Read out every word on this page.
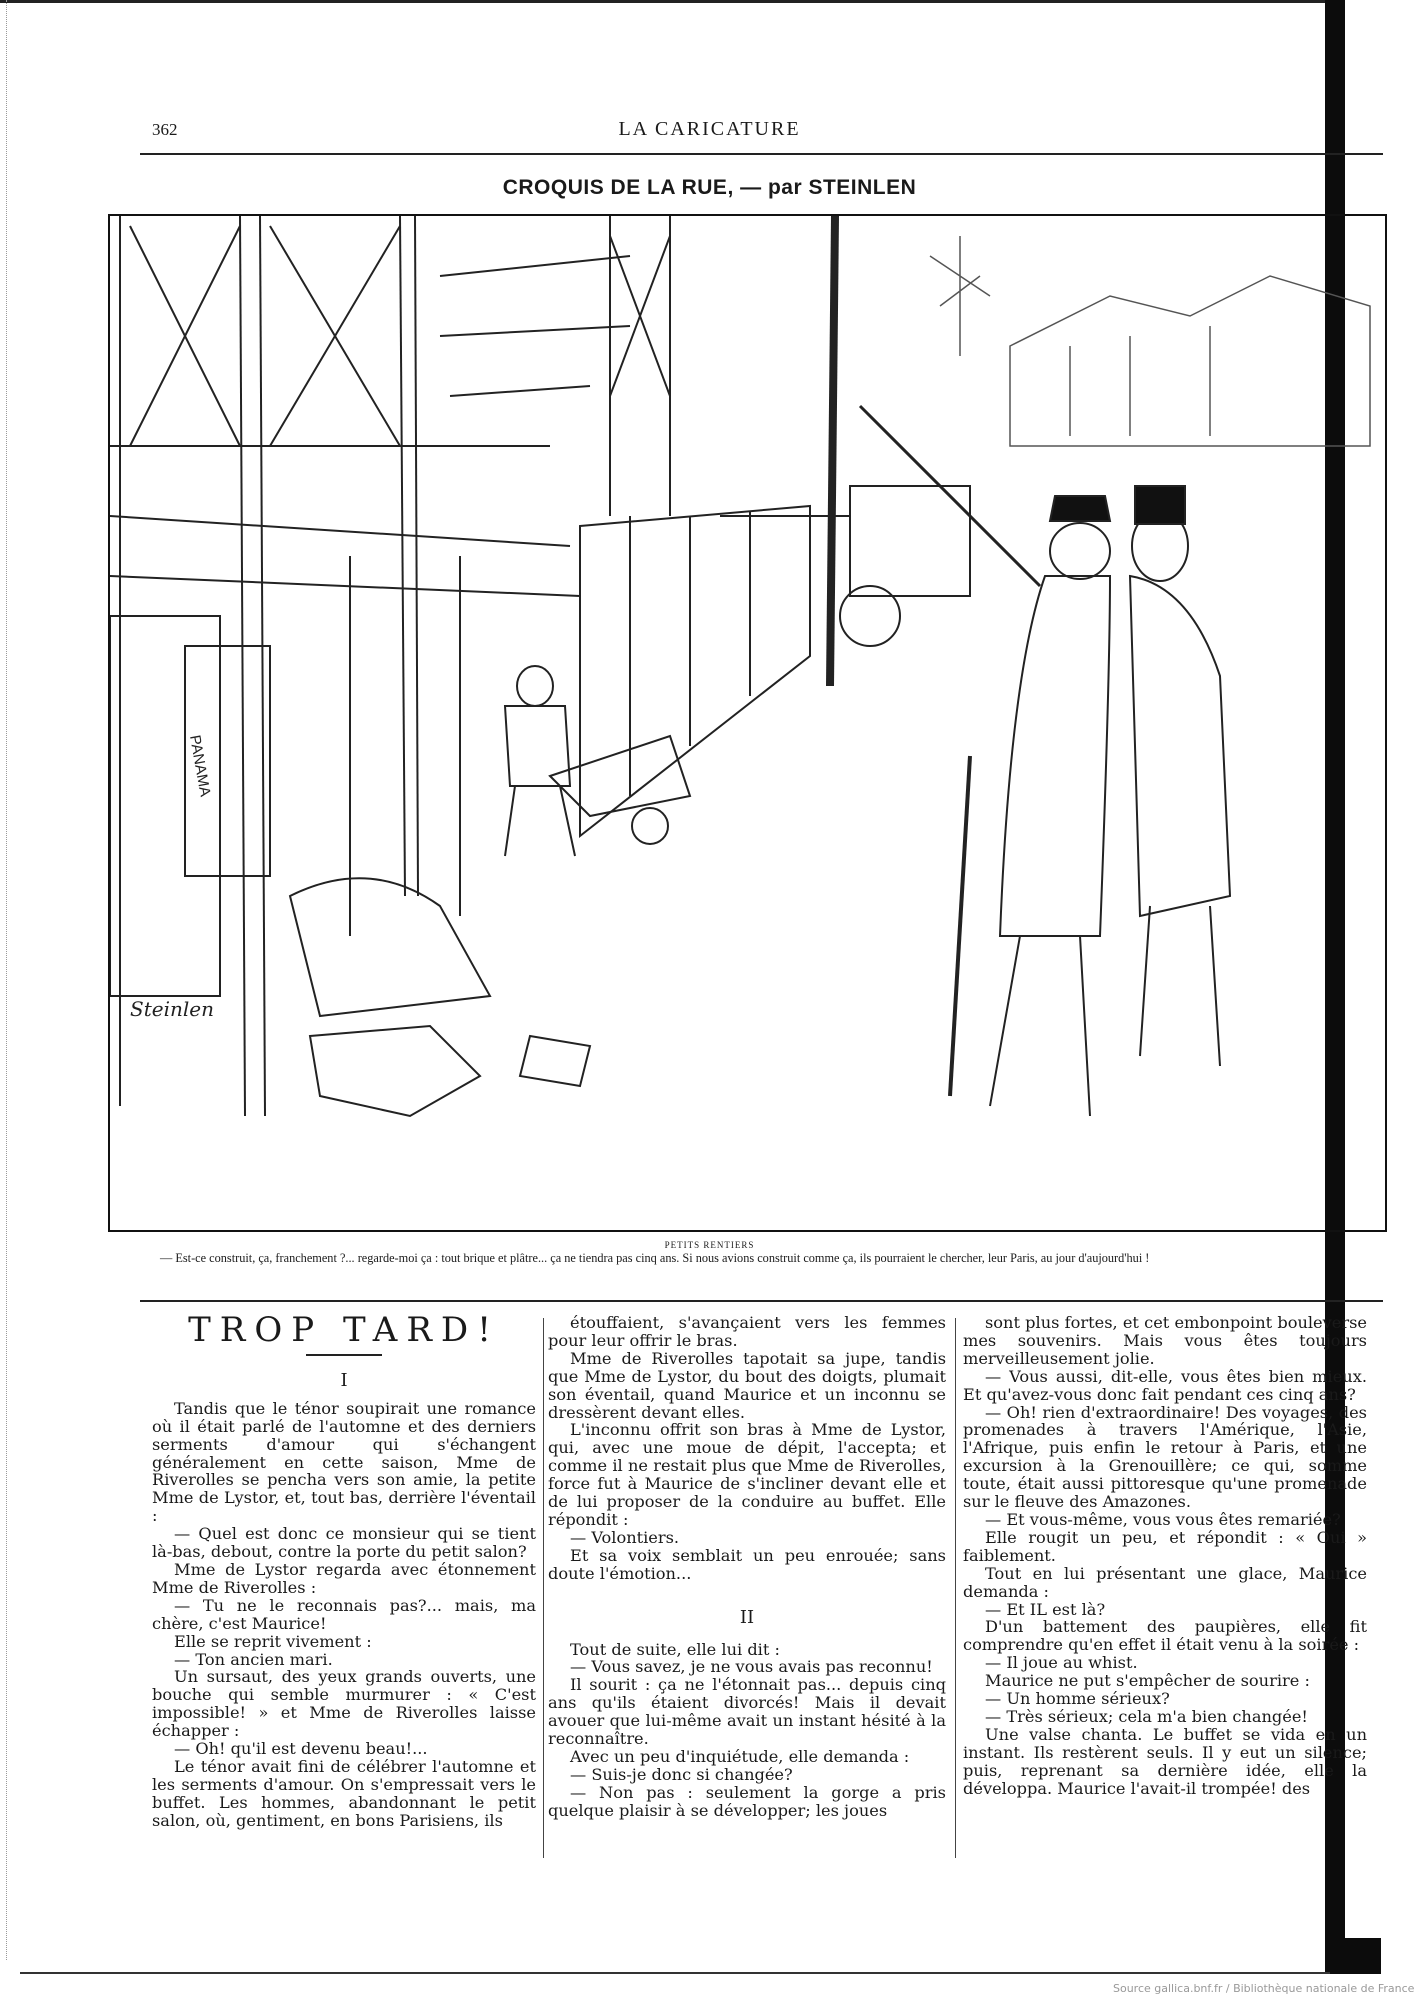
362	LA CARICATURE
CROQUIS DE LA RUE, — par STEINLEN
Steinlen
PANAMA
PETITS RENTIERS
— Est-ce construit, ça, franchement ?... regarde-moi ça : tout brique et plâtre... ça ne tiendra pas cinq ans. Si nous avions construit comme ça, ils pourraient le chercher, leur Paris, au jour d'aujourd'hui !
TROP TARD!
I

Tandis que le ténor soupirait une romance où il était parlé de l'automne et des derniers serments d'amour qui s'échangent généralement en cette saison, Mme de Riverolles se pencha vers son amie, la petite Mme de Lystor, et, tout bas, derrière l'éventail :

— Quel est donc ce monsieur qui se tient là-bas, debout, contre la porte du petit salon?

Mme de Lystor regarda avec étonnement Mme de Riverolles :

— Tu ne le reconnais pas?... mais, ma chère, c'est Maurice!

Elle se reprit vivement :

— Ton ancien mari.

Un sursaut, des yeux grands ouverts, une bouche qui semble murmurer : « C'est impossible! » et Mme de Riverolles laisse échapper :

— Oh! qu'il est devenu beau!...

Le ténor avait fini de célébrer l'automne et les serments d'amour. On s'empressait vers le buffet. Les hommes, abandonnant le petit salon, où, gentiment, en bons Parisiens, ils

étouffaient, s'avançaient vers les femmes pour leur offrir le bras.

Mme de Riverolles tapotait sa jupe, tandis que Mme de Lystor, du bout des doigts, plumait son éventail, quand Maurice et un inconnu se dressèrent devant elles.

L'inconnu offrit son bras à Mme de Lystor, qui, avec une moue de dépit, l'accepta; et comme il ne restait plus que Mme de Riverolles, force fut à Maurice de s'incliner devant elle et de lui proposer de la conduire au buffet. Elle répondit :

— Volontiers.

Et sa voix semblait un peu enrouée; sans doute l'émotion...

II

Tout de suite, elle lui dit :

— Vous savez, je ne vous avais pas reconnu!

Il sourit : ça ne l'étonnait pas... depuis cinq ans qu'ils étaient divorcés! Mais il devait avouer que lui-même avait un instant hésité à la reconnaître.

Avec un peu d'inquiétude, elle demanda :

— Suis-je donc si changée?

— Non pas : seulement la gorge a pris quelque plaisir à se développer; les joues

sont plus fortes, et cet embonpoint bouleverse mes souvenirs. Mais vous êtes toujours merveilleusement jolie.

— Vous aussi, dit-elle, vous êtes bien mieux. Et qu'avez-vous donc fait pendant ces cinq ans?

— Oh! rien d'extraordinaire! Des voyages, des promenades à travers l'Amérique, l'Asie, l'Afrique, puis enfin le retour à Paris, et une excursion à la Grenouillère; ce qui, somme toute, était aussi pittoresque qu'une promenade sur le fleuve des Amazones.

— Et vous-même, vous vous êtes remariée?

Elle rougit un peu, et répondit : « Oui » faiblement.

Tout en lui présentant une glace, Maurice demanda :

— Et IL est là?

D'un battement des paupières, elle fit comprendre qu'en effet il était venu à la soirée :

— Il joue au whist.

Maurice ne put s'empêcher de sourire :

— Un homme sérieux?

— Très sérieux; cela m'a bien changée!

Une valse chanta. Le buffet se vida en un instant. Ils restèrent seuls. Il y eut un silence; puis, reprenant sa dernière idée, elle la développa. Maurice l'avait-il trompée! des

Source gallica.bnf.fr / Bibliothèque nationale de France
